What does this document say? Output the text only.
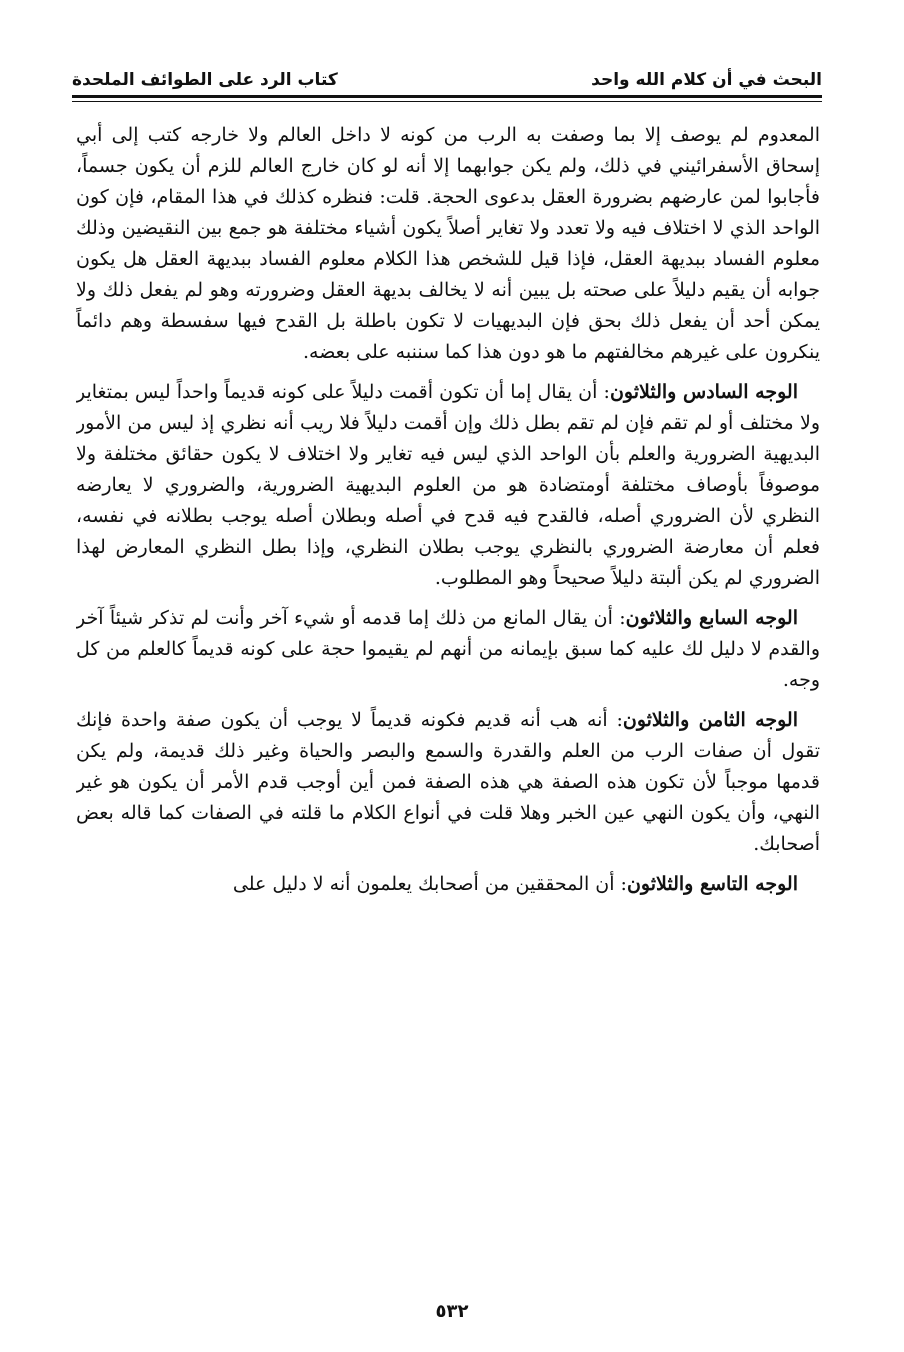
البحث في أن كلام الله واحد
كتاب الرد على الطوائف الملحدة

المعدوم لم يوصف إلا بما وصفت به الرب من كونه لا داخل العالم ولا خارجه كتب إلى أبي إسحاق الأسفرائيني في ذلك، ولم يكن جوابهما إلا أنه لو كان خارج العالم للزم أن يكون جسماً، فأجابوا لمن عارضهم بضرورة العقل بدعوى الحجة. قلت: فنظره كذلك في هذا المقام، فإن كون الواحد الذي لا اختلاف فيه ولا تعدد ولا تغاير أصلاً يكون أشياء مختلفة هو جمع بين النقيضين وذلك معلوم الفساد ببديهة العقل، فإذا قيل للشخص هذا الكلام معلوم الفساد ببديهة العقل هل يكون جوابه أن يقيم دليلاً على صحته بل يبين أنه لا يخالف بديهة العقل وضرورته وهو لم يفعل ذلك ولا يمكن أحد أن يفعل ذلك بحق فإن البديهيات لا تكون باطلة بل القدح فيها سفسطة وهم دائماً ينكرون على غيرهم مخالفتهم ما هو دون هذا كما سننبه على بعضه.

الوجه السادس والثلاثون: أن يقال إما أن تكون أقمت دليلاً على كونه قديماً واحداً ليس بمتغاير ولا مختلف أو لم تقم فإن لم تقم بطل ذلك وإن أقمت دليلاً فلا ريب أنه نظري إذ ليس من الأمور البديهية الضرورية والعلم بأن الواحد الذي ليس فيه تغاير ولا اختلاف لا يكون حقائق مختلفة ولا موصوفاً بأوصاف مختلفة أومتضادة هو من العلوم البديهية الضرورية، والضروري لا يعارضه النظري لأن الضروري أصله، فالقدح فيه قدح في أصله وبطلان أصله يوجب بطلانه في نفسه، فعلم أن معارضة الضروري بالنظري يوجب بطلان النظري، وإذا بطل النظري المعارض لهذا الضروري لم يكن ألبتة دليلاً صحيحاً وهو المطلوب.

الوجه السابع والثلاثون: أن يقال المانع من ذلك إما قدمه أو شيء آخر وأنت لم تذكر شيئاً آخر والقدم لا دليل لك عليه كما سبق بإيمانه من أنهم لم يقيموا حجة على كونه قديماً كالعلم من كل وجه.

الوجه الثامن والثلاثون: أنه هب أنه قديم فكونه قديماً لا يوجب أن يكون صفة واحدة فإنك تقول أن صفات الرب من العلم والقدرة والسمع والبصر والحياة وغير ذلك قديمة، ولم يكن قدمها موجباً لأن تكون هذه الصفة هي هذه الصفة فمن أين أوجب قدم الأمر أن يكون هو غير النهي، وأن يكون النهي عين الخبر وهلا قلت في أنواع الكلام ما قلته في الصفات كما قاله بعض أصحابك.

الوجه التاسع والثلاثون: أن المحققين من أصحابك يعلمون أنه لا دليل على

٥٣٢
